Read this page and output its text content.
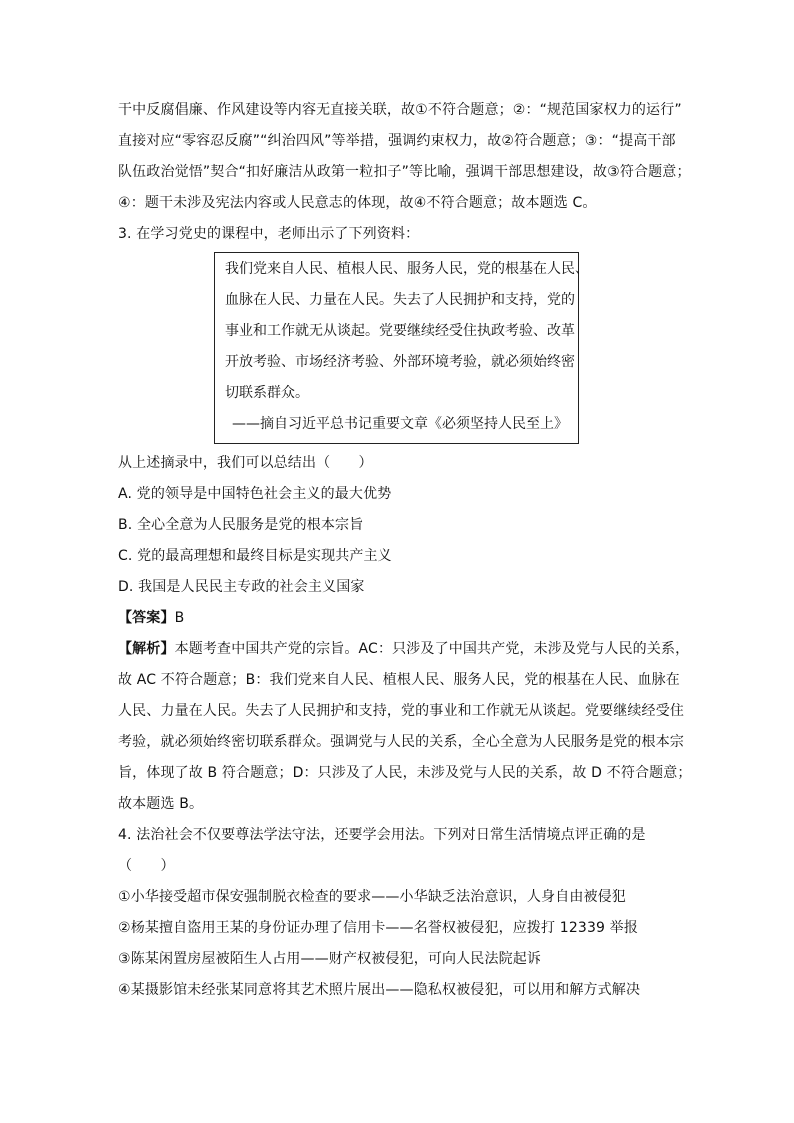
干中反腐倡廉、作风建设等内容无直接关联，故①不符合题意；②：“规范国家权力的运行”
直接对应“零容忍反腐”“纠治四风”等举措，强调约束权力，故②符合题意；③：“提高干部
队伍政治觉悟”契合“扣好廉洁从政第一粒扣子”等比喻，强调干部思想建设，故③符合题意；
④：题干未涉及宪法内容或人民意志的体现，故④不符合题意；故本题选 C。
3. 在学习党史的课程中，老师出示了下列资料：
我们党来自人民、植根人民、服务人民，党的根基在人民、
血脉在人民、力量在人民。失去了人民拥护和支持，党的
事业和工作就无从谈起。党要继续经受住执政考验、改革
开放考验、市场经济考验、外部环境考验，就必须始终密
切联系群众。
——摘自习近平总书记重要文章《必须坚持人民至上》
从上述摘录中，我们可以总结出（　　）
A. 党的领导是中国特色社会主义的最大优势
B. 全心全意为人民服务是党的根本宗旨
C. 党的最高理想和最终目标是实现共产主义
D. 我国是人民民主专政的社会主义国家
【答案】B
【解析】本题考查中国共产党的宗旨。AC：只涉及了中国共产党，未涉及党与人民的关系，
故 AC 不符合题意；B：我们党来自人民、植根人民、服务人民，党的根基在人民、血脉在
人民、力量在人民。失去了人民拥护和支持，党的事业和工作就无从谈起。党要继续经受住
考验，就必须始终密切联系群众。强调党与人民的关系，全心全意为人民服务是党的根本宗
旨，体现了故 B 符合题意；D：只涉及了人民，未涉及党与人民的关系，故 D 不符合题意；
故本题选 B。
4. 法治社会不仅要尊法学法守法，还要学会用法。下列对日常生活情境点评正确的是
（　　）
①小华接受超市保安强制脱衣检查的要求——小华缺乏法治意识，人身自由被侵犯
②杨某擅自盗用王某的身份证办理了信用卡——名誉权被侵犯，应拨打 12339 举报
③陈某闲置房屋被陌生人占用——财产权被侵犯，可向人民法院起诉
④某摄影馆未经张某同意将其艺术照片展出——隐私权被侵犯，可以用和解方式解决
